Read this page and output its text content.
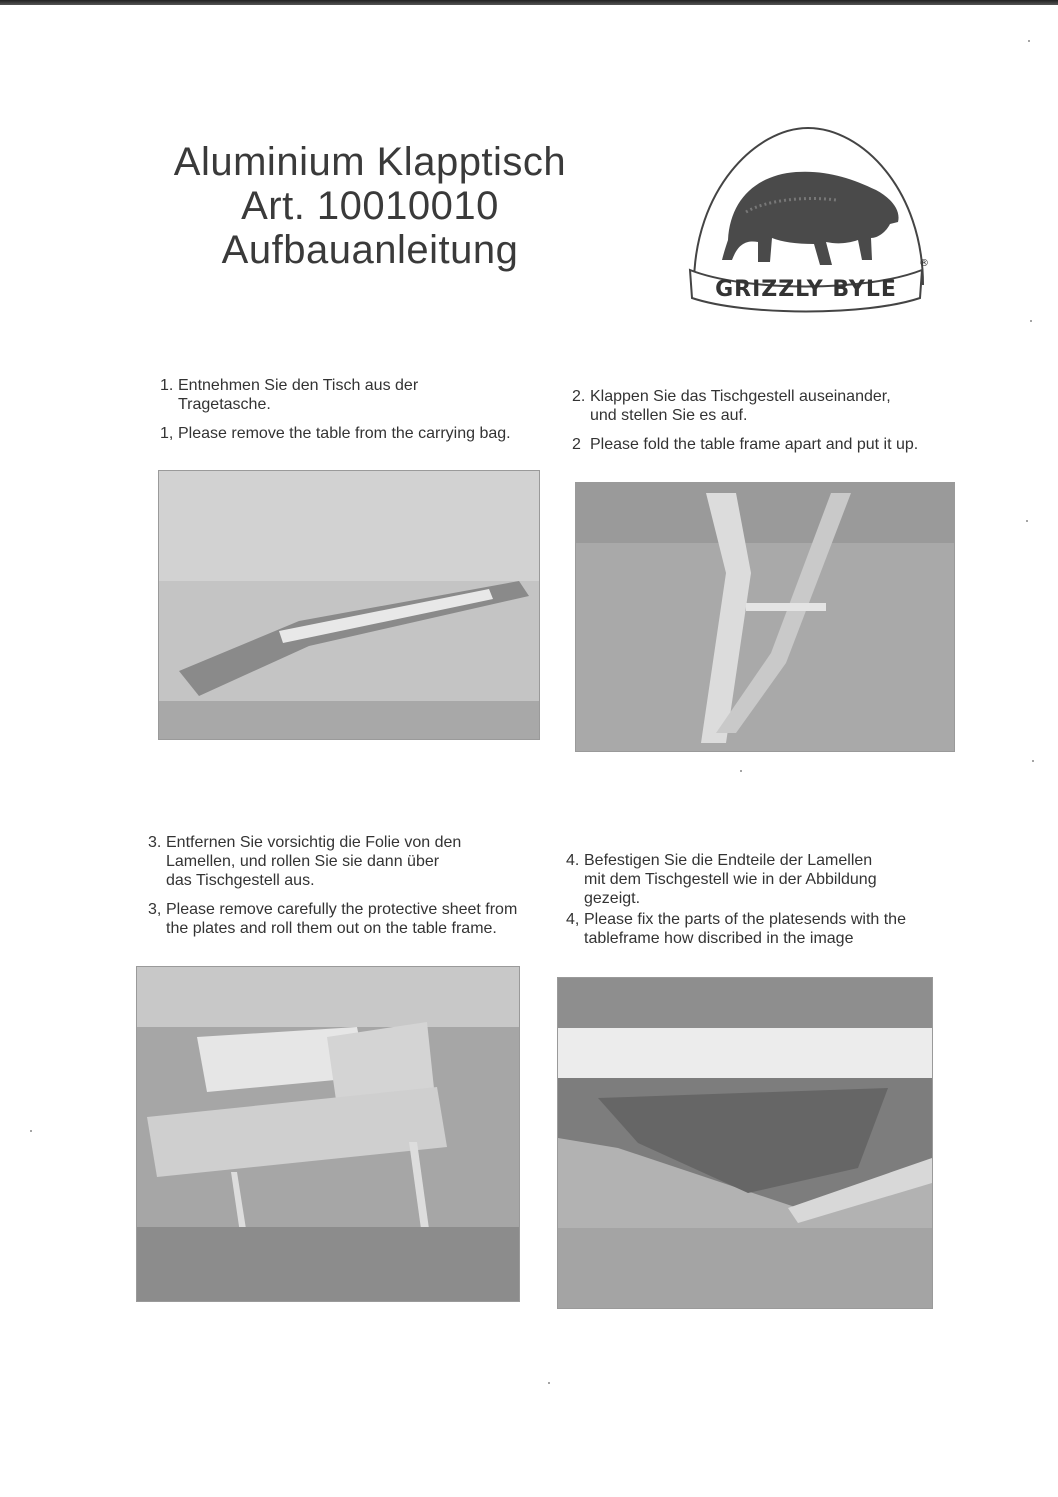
Aluminium Klapptisch
Art. 10010010
Aufbauanleitung
GRIZZLY BYLE
®
1. Entnehmen Sie den Tisch aus der
Tragetasche.
1, Please remove the table from the carrying bag.
2. Klappen Sie das Tischgestell auseinander,
und stellen Sie es auf.
2 Please fold the table frame apart and put it up.
3. Entfernen Sie vorsichtig die Folie von den
Lamellen, und rollen Sie sie dann über
das Tischgestell aus.
3, Please remove carefully the protective sheet from
the plates and roll them out on the table frame.
4. Befestigen Sie die Endteile der Lamellen
mit dem Tischgestell wie in der Abbildung
gezeigt.
4, Please fix the parts of the platesends with the
tableframe how discribed in the image
